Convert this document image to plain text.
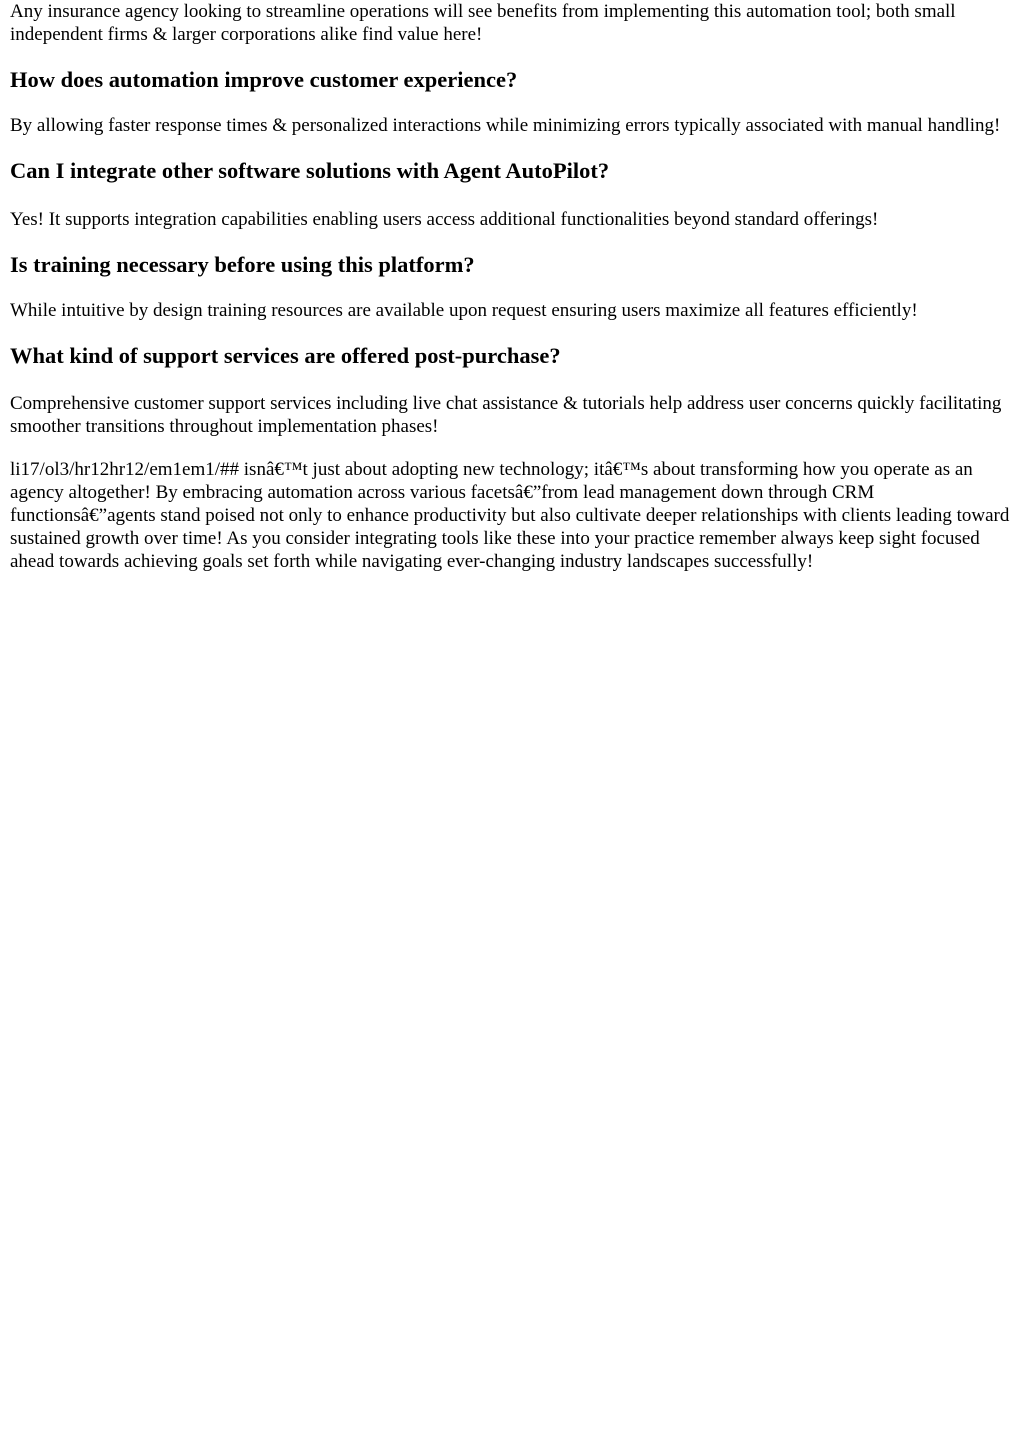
Any insurance agency looking to streamline operations will see benefits from implementing this automation tool; both small independent firms & larger corporations alike find value here!

How does automation improve customer experience?

By allowing faster response times & personalized interactions while minimizing errors typically associated with manual handling!

Can I integrate other software solutions with Agent AutoPilot?

Yes! It supports integration capabilities enabling users access additional functionalities beyond standard offerings!

Is training necessary before using this platform?

While intuitive by design training resources are available upon request ensuring users maximize all features efficiently!

What kind of support services are offered post-purchase?

Comprehensive customer support services including live chat assistance & tutorials help address user concerns quickly facilitating smoother transitions throughout implementation phases!

li17/ol3/hr12hr12/em1em1/## isnâ€™t just about adopting new technology; itâ€™s about transforming how you operate as an agency altogether! By embracing automation across various facetsâ€”from lead management down through CRM functionsâ€”agents stand poised not only to enhance productivity but also cultivate deeper relationships with clients leading toward sustained growth over time! As you consider integrating tools like these into your practice remember always keep sight focused ahead towards achieving goals set forth while navigating ever-changing industry landscapes successfully!
